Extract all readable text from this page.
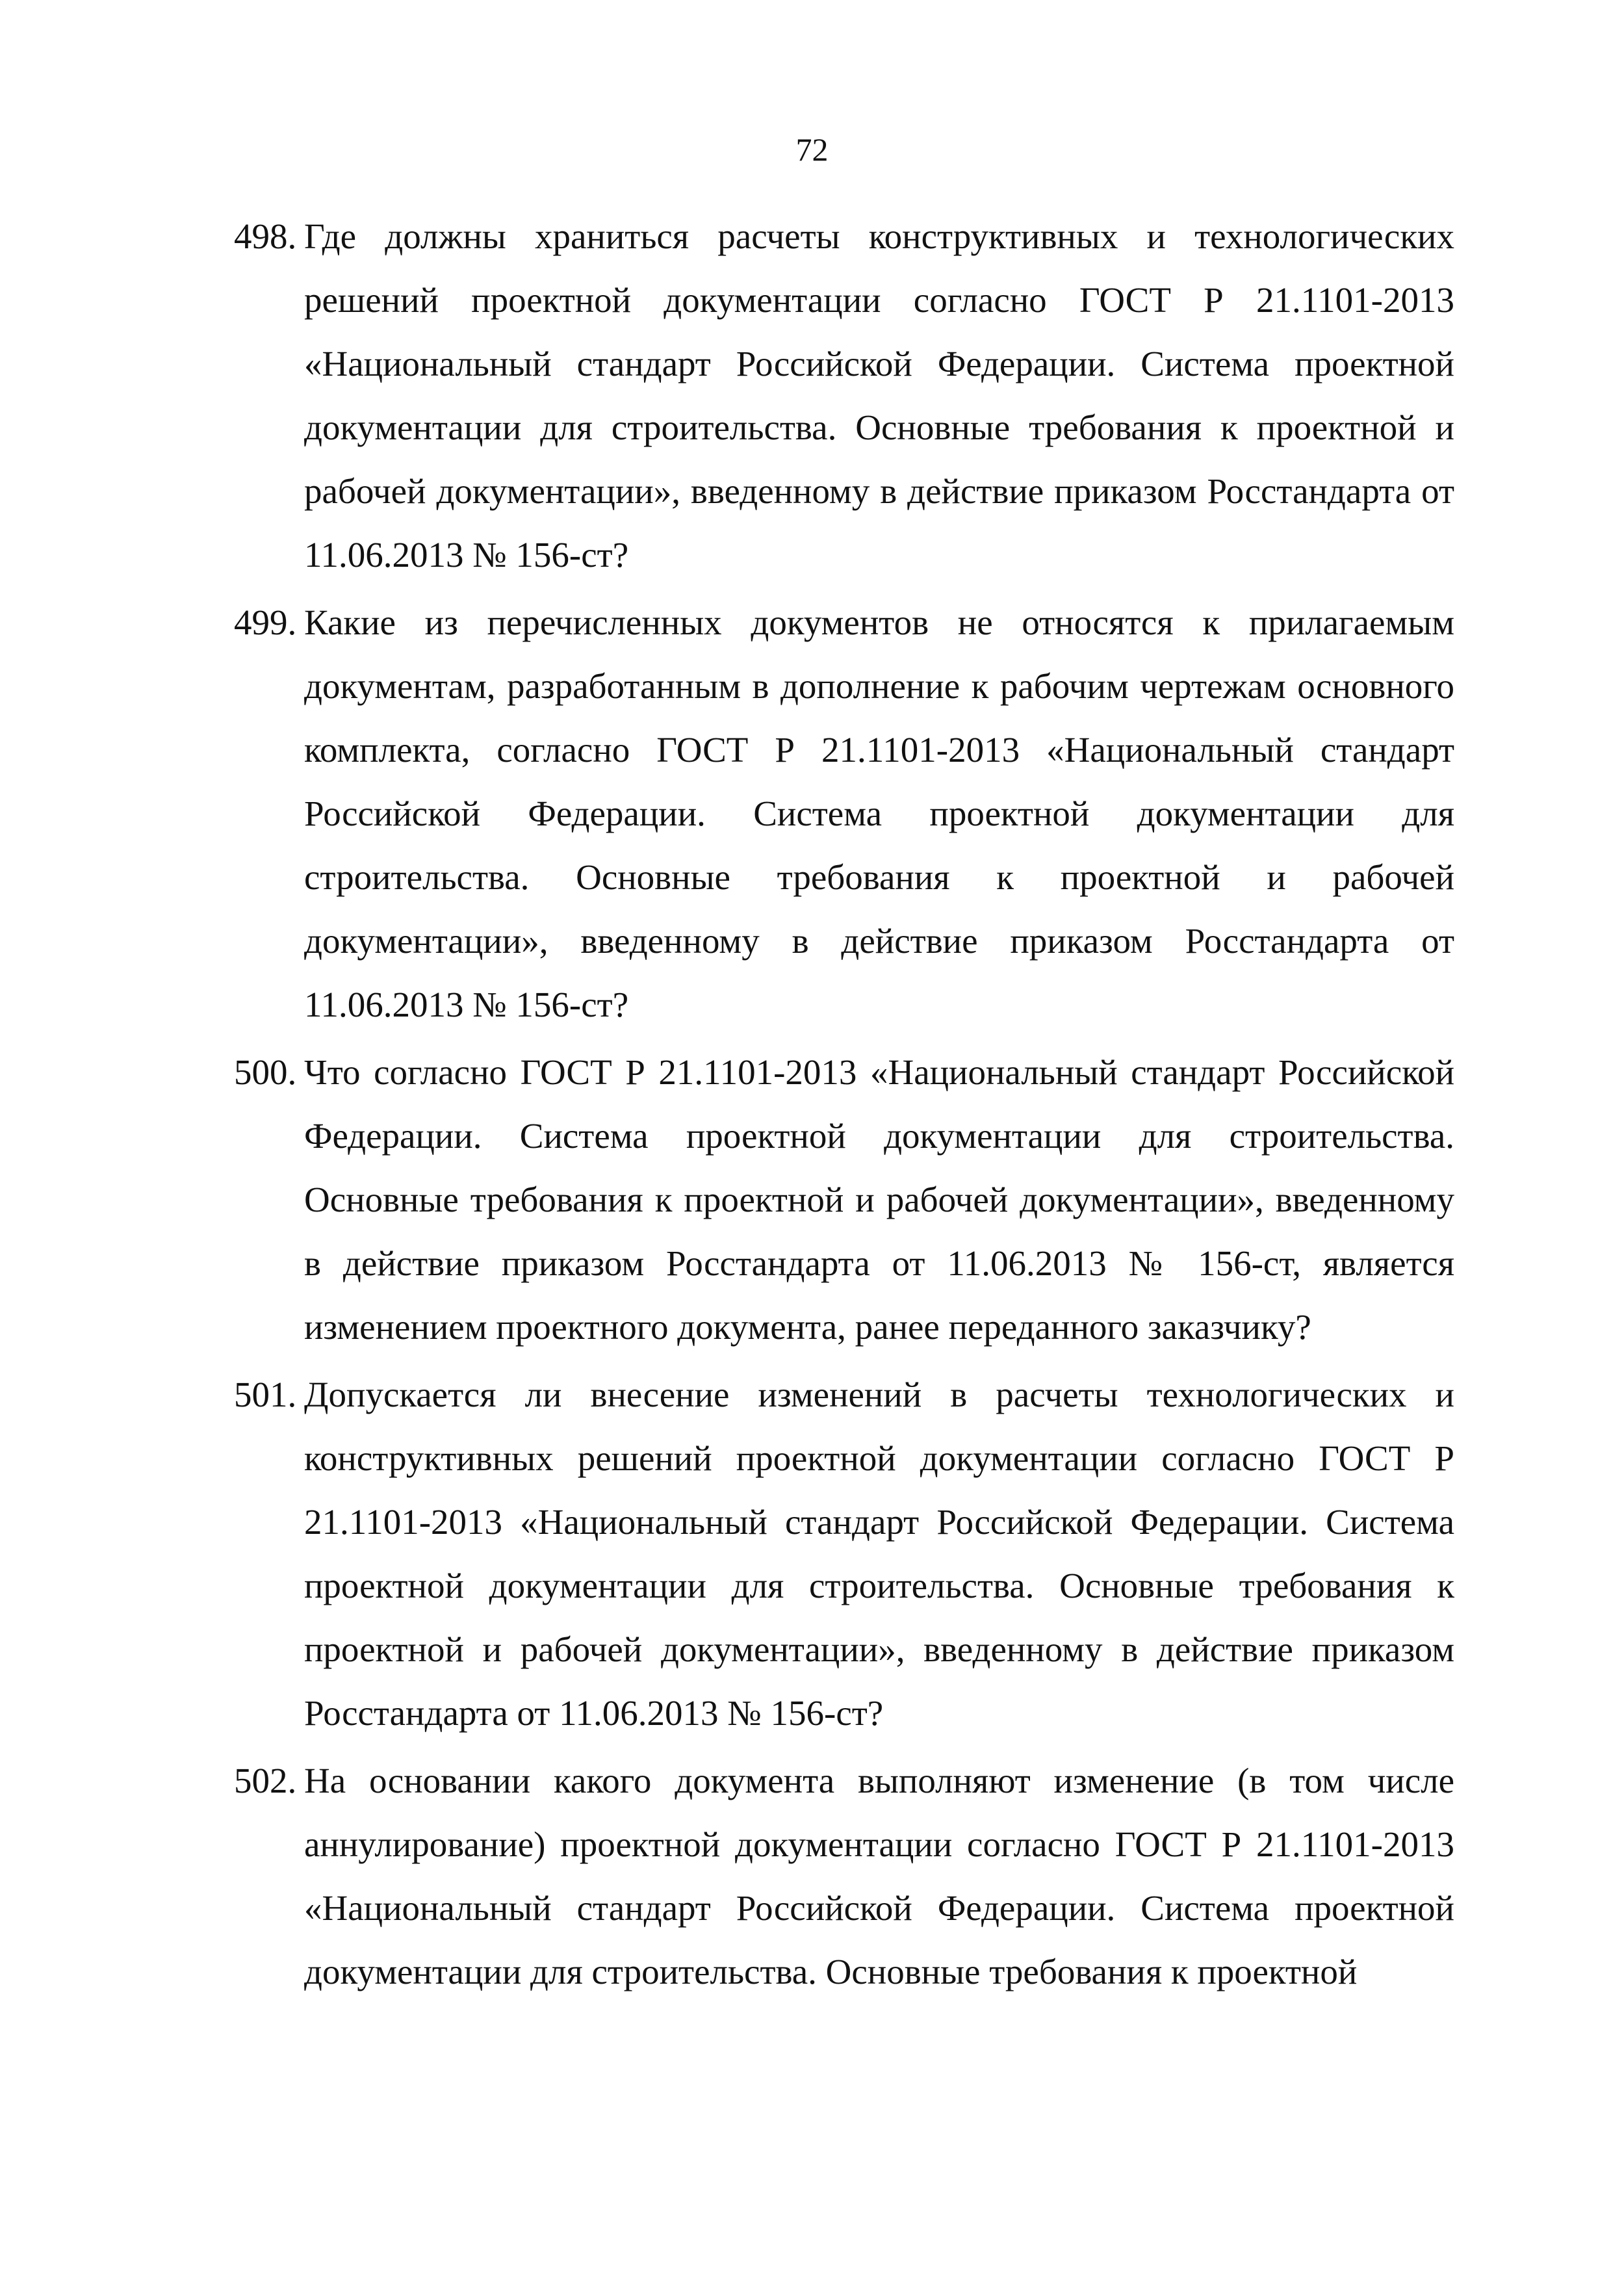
72
498. Где должны храниться расчеты конструктивных и технологических решений проектной документации согласно ГОСТ Р 21.1101-2013 «Национальный стандарт Российской Федерации. Система проектной документации для строительства. Основные требования к проектной и рабочей документации», введенному в действие приказом Росстандарта от 11.06.2013 № 156-ст?
499. Какие из перечисленных документов не относятся к прилагаемым документам, разработанным в дополнение к рабочим чертежам основного комплекта, согласно ГОСТ Р 21.1101-2013 «Национальный стандарт Российской Федерации. Система проектной документации для строительства. Основные требования к проектной и рабочей документации», введенному в действие приказом Росстандарта от 11.06.2013 № 156-ст?
500. Что согласно ГОСТ Р 21.1101-2013 «Национальный стандарт Российской Федерации. Система проектной документации для строительства. Основные требования к проектной и рабочей документации», введенному в действие приказом Росстандарта от 11.06.2013 № 156-ст, является изменением проектного документа, ранее переданного заказчику?
501. Допускается ли внесение изменений в расчеты технологических и конструктивных решений проектной документации согласно ГОСТ Р 21.1101-2013 «Национальный стандарт Российской Федерации. Система проектной документации для строительства. Основные требования к проектной и рабочей документации», введенному в действие приказом Росстандарта от 11.06.2013 № 156-ст?
502. На основании какого документа выполняют изменение (в том числе аннулирование) проектной документации согласно ГОСТ Р 21.1101-2013 «Национальный стандарт Российской Федерации. Система проектной документации для строительства. Основные требования к проектной
